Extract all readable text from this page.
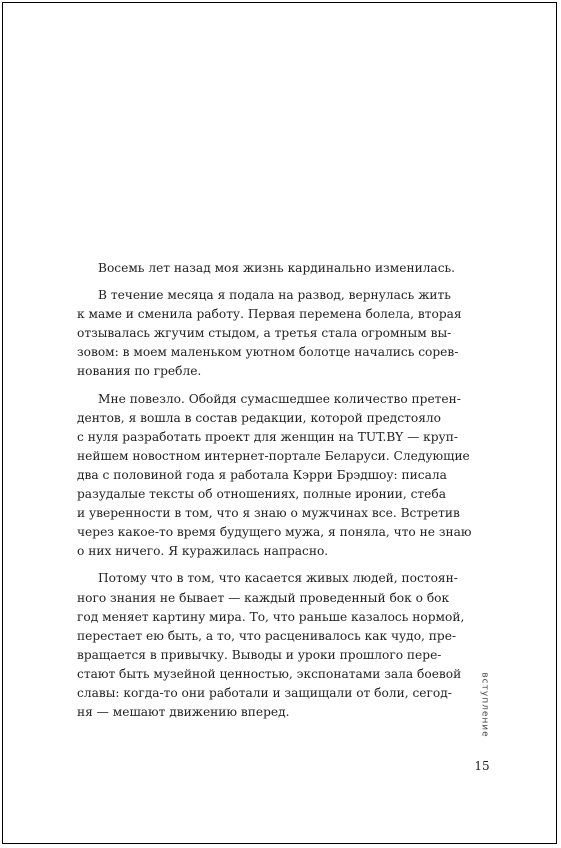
Восемь лет назад моя жизнь кардинально изменилась.

В течение месяца я подала на развод, вернулась жить
к маме и сменила работу. Первая перемена болела, вторая
отзывалась жгучим стыдом, а третья стала огромным вы-
зовом: в моем маленьком уютном болотце начались сорев-
нования по гребле.

Мне повезло. Обойдя сумасшедшее количество претен-
дентов, я вошла в состав редакции, которой предстояло
с нуля разработать проект для женщин на TUT.BY — круп-
нейшем новостном интернет-портале Беларуси. Следующие
два с половиной года я работала Кэрри Брэдшоу: писала
разудалые тексты об отношениях, полные иронии, стеба
и уверенности в том, что я знаю о мужчинах все. Встретив
через какое-то время будущего мужа, я поняла, что не знаю
о них ничего. Я куражилась напрасно.

Потому что в том, что касается живых людей, постоян-
ного знания не бывает — каждый проведенный бок о бок
год меняет картину мира. То, что раньше казалось нормой,
перестает ею быть, а то, что расценивалось как чудо, пре-
вращается в привычку. Выводы и уроки прошлого пере-
стают быть музейной ценностью, экспонатами зала боевой
славы: когда-то они работали и защищали от боли, сегод-
ня — мешают движению вперед.	вступление
15
